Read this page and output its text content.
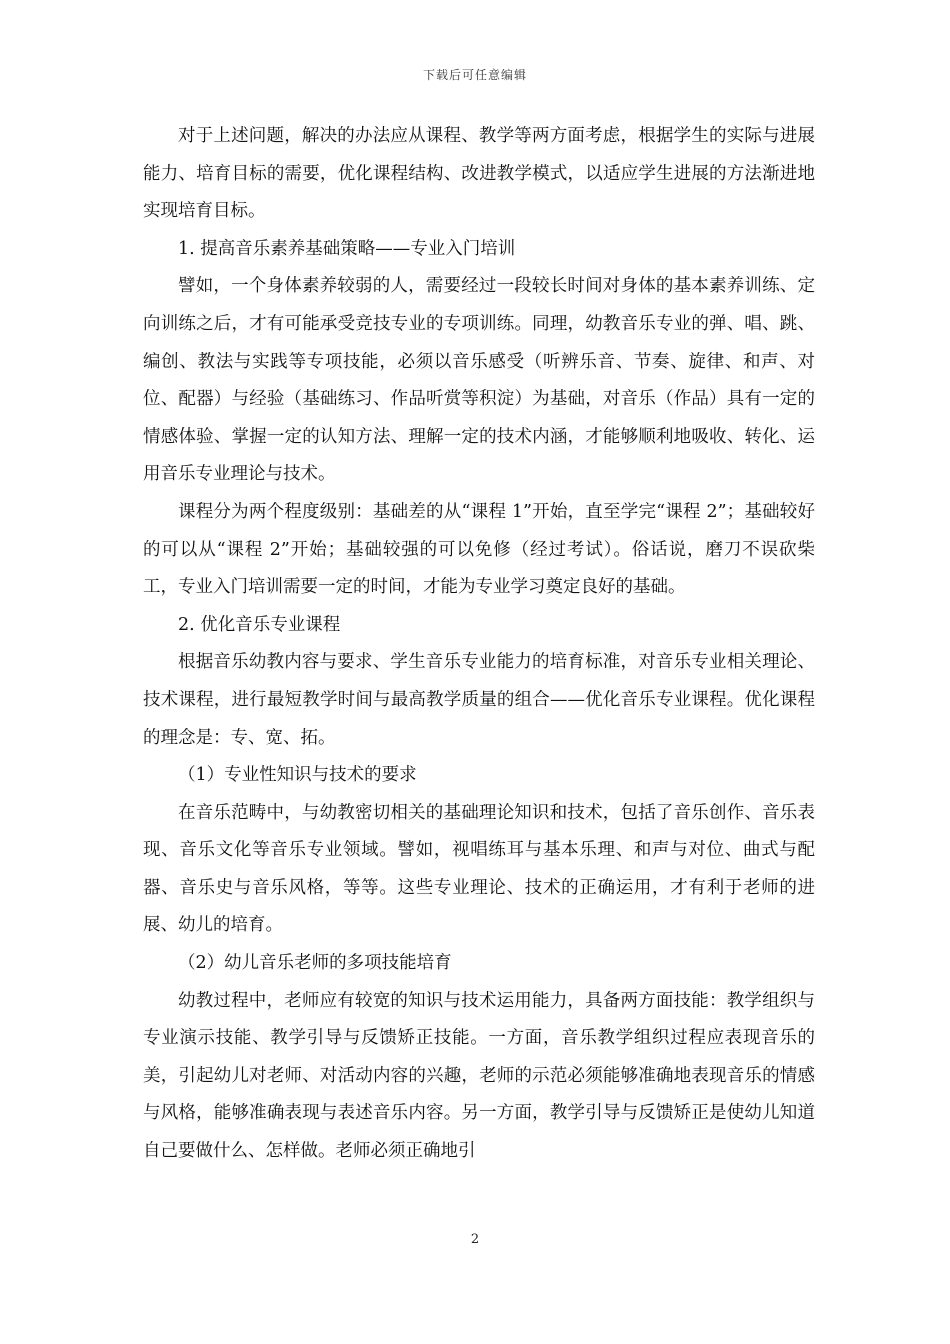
下载后可任意编辑

对于上述问题，解决的办法应从课程、教学等两方面考虑，根据学生的实际与进展能力、培育目标的需要，优化课程结构、改进教学模式，以适应学生进展的方法渐进地实现培育目标。

1. 提高音乐素养基础策略——专业入门培训

譬如，一个身体素养较弱的人，需要经过一段较长时间对身体的基本素养训练、定向训练之后，才有可能承受竞技专业的专项训练。同理，幼教音乐专业的弹、唱、跳、编创、教法与实践等专项技能，必须以音乐感受（听辨乐音、节奏、旋律、和声、对位、配器）与经验（基础练习、作品听赏等积淀）为基础，对音乐（作品）具有一定的情感体验、掌握一定的认知方法、理解一定的技术内涵，才能够顺利地吸收、转化、运用音乐专业理论与技术。

课程分为两个程度级别：基础差的从“课程 1”开始，直至学完“课程 2”；基础较好的可以从“课程 2”开始；基础较强的可以免修（经过考试）。俗话说，磨刀不误砍柴工，专业入门培训需要一定的时间，才能为专业学习奠定良好的基础。

2. 优化音乐专业课程

根据音乐幼教内容与要求、学生音乐专业能力的培育标准，对音乐专业相关理论、技术课程，进行最短教学时间与最高教学质量的组合——优化音乐专业课程。优化课程的理念是：专、宽、拓。

（1）专业性知识与技术的要求

在音乐范畴中，与幼教密切相关的基础理论知识和技术，包括了音乐创作、音乐表现、音乐文化等音乐专业领域。譬如，视唱练耳与基本乐理、和声与对位、曲式与配器、音乐史与音乐风格，等等。这些专业理论、技术的正确运用，才有利于老师的进展、幼儿的培育。

（2）幼儿音乐老师的多项技能培育

幼教过程中，老师应有较宽的知识与技术运用能力，具备两方面技能：教学组织与专业演示技能、教学引导与反馈矫正技能。一方面，音乐教学组织过程应表现音乐的美，引起幼儿对老师、对活动内容的兴趣，老师的示范必须能够准确地表现音乐的情感与风格，能够准确表现与表述音乐内容。另一方面，教学引导与反馈矫正是使幼儿知道自己要做什么、怎样做。老师必须正确地引

2
